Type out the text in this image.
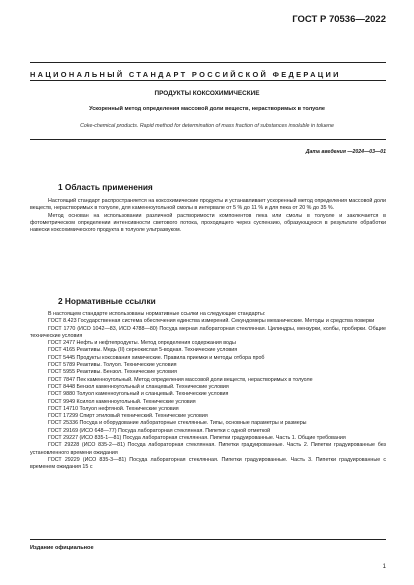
ГОСТ Р 70536—2022
НАЦИОНАЛЬНЫЙ СТАНДАРТ РОССИЙСКОЙ ФЕДЕРАЦИИ
ПРОДУКТЫ КОКСОХИМИЧЕСКИЕ
Ускоренный метод определения массовой доли веществ, нерастворимых в толуоле
Coke-chemical products. Rapid method for determination of mass fraction of substances insoluble in toluene
Дата введения —2024—03—01
1 Область применения

Настоящий стандарт распространяется на коксохимические продукты и устанавливает ускоренный метод определения массовой доли веществ, нерастворимых в толуоле, для каменноугольной смолы в интервале от 5 % до 11 % и для пека от 20 % до 35 %.

Метод основан на использовании различной растворимости компонентов пека или смолы в толуоле и заключается в фотометрическом определении интенсивности светового потока, проходящего через суспензию, образующуюся в результате обработки навески коксохимического продукта в толуоле ультразвуком.

2 Нормативные ссылки

В настоящем стандарте использованы нормативные ссылки на следующие стандарты:

ГОСТ 8.423 Государственная система обеспечения единства измерений. Секундомеры механические. Методы и средства поверки

ГОСТ 1770 (ИСО 1042—83, ИСО 4788—80) Посуда мерная лабораторная стеклянная. Цилиндры, мензурки, колбы, пробирки. Общие технические условия

ГОСТ 2477 Нефть и нефтепродукты. Метод определения содержания воды

ГОСТ 4165 Реактивы. Медь (II) сернокислая 5-водная. Технические условия

ГОСТ 5445 Продукты коксования химические. Правила приемки и методы отбора проб

ГОСТ 5789 Реактивы. Толуол. Технические условия

ГОСТ 5955 Реактивы. Бензол. Технические условия

ГОСТ 7847 Пек каменноугольный. Метод определения массовой доли веществ, нерастворимых в толуоле

ГОСТ 8448 Бензол каменноугольный и сланцевый. Технические условия

ГОСТ 9880 Толуол каменноугольный и сланцевый. Технические условия

ГОСТ 9949 Ксилол каменноугольный. Технические условия

ГОСТ 14710 Толуол нефтяной. Технические условия

ГОСТ 17299 Спирт этиловый технический. Технические условия

ГОСТ 25336 Посуда и оборудование лабораторные стеклянные. Типы, основные параметры и размеры

ГОСТ 29169 (ИСО 648—77) Посуда лабораторная стеклянная. Пипетки с одной отметкой

ГОСТ 29227 (ИСО 835-1—81) Посуда лабораторная стеклянная. Пипетки градуированные. Часть 1. Общие требования

ГОСТ 29228 (ИСО 835-2—81) Посуда лабораторная стеклянная. Пипетки градуированные. Часть 2. Пипетки градуированные без установленного времени ожидания

ГОСТ 29229 (ИСО 835-3—81) Посуда лабораторная стеклянная. Пипетки градуированные. Часть 3. Пипетки градуированные с временем ожидания 15 с

Издание официальное
1
